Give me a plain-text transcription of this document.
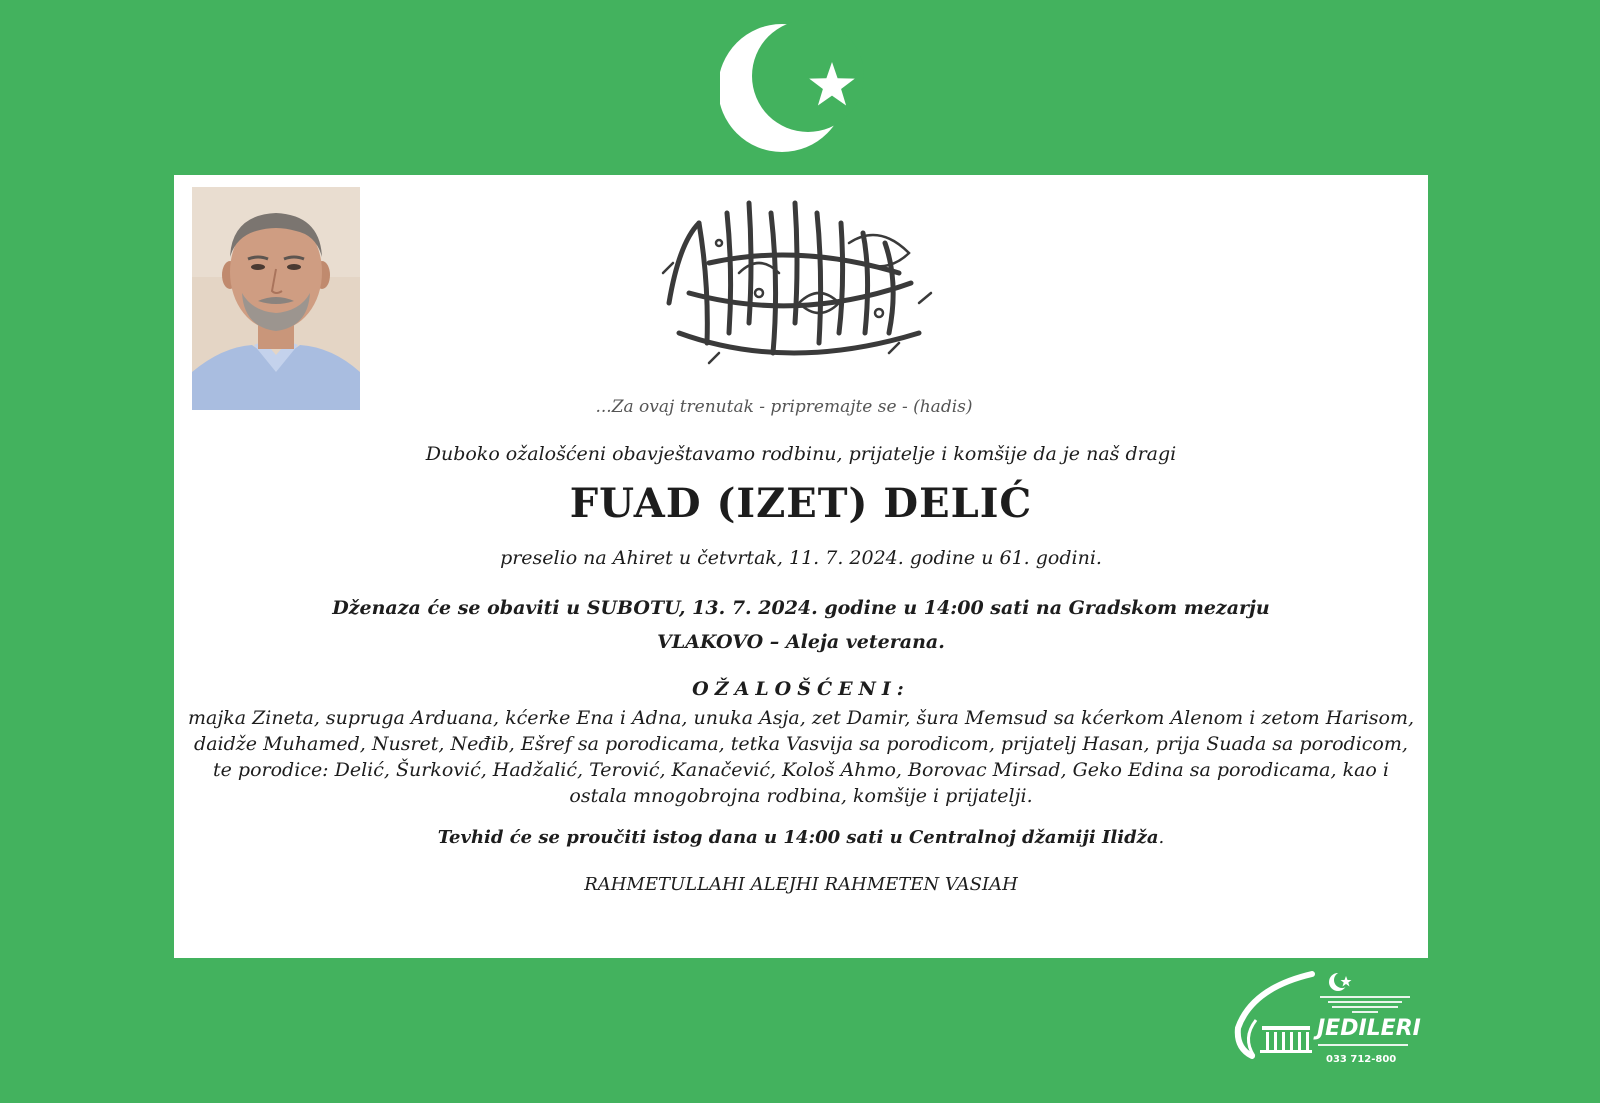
...Za ovaj trenutak - pripremajte se - (hadis)

Duboko ožalošćeni obavještavamo rodbinu, prijatelje i komšije da je naš dragi

FUAD (IZET) DELIĆ

preselio na Ahiret u četvrtak, 11. 7. 2024. godine u 61. godini.

Dženaza će se obaviti u SUBOTU, 13. 7. 2024. godine u 14:00 sati na Gradskom mezarju

VLAKOVO – Aleja veterana.

OŽALOŠĆENI:

majka Zineta, supruga Arduana, kćerke Ena i Adna, unuka Asja, zet Damir, šura Memsud sa kćerkom Alenom i zetom Harisom, daidže Muhamed, Nusret, Neđib, Ešref sa porodicama, tetka Vasvija sa porodicom, prijatelj Hasan, prija Suada sa porodicom, te porodice: Delić, Šurković, Hadžalić, Terović, Kanačević, Kološ Ahmo, Borovac Mirsad, Geko Edina sa porodicama, kao i ostala mnogobrojna rodbina, komšije i prijatelji.

Tevhid će se proučiti istog dana u 14:00 sati u Centralnoj džamiji Ilidža.

RAHMETULLAHI ALEJHI RAHMETEN VASIAH

JEDILERI
033 712-800
